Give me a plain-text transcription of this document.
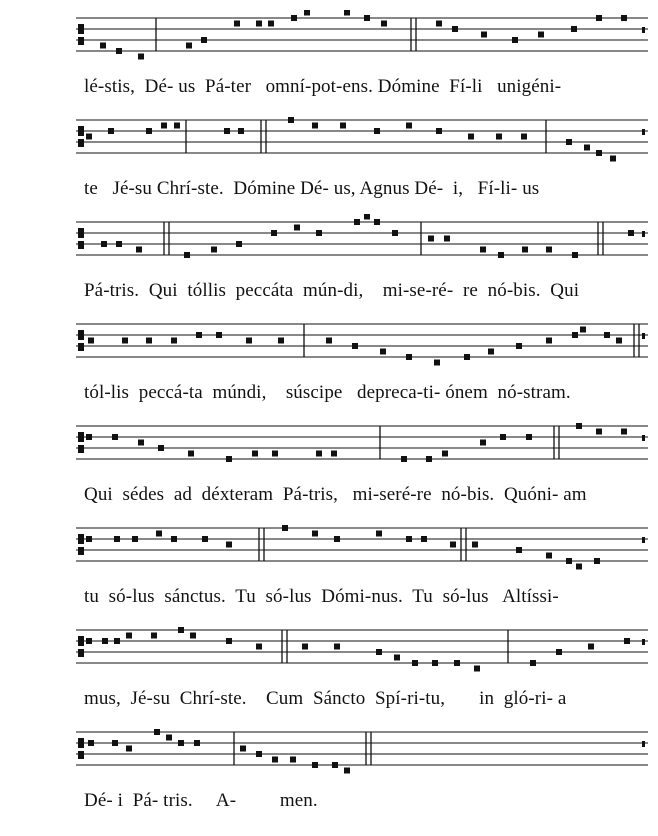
lé-stis,  Dé- us  Pá-ter   omní-pot-ens. Dómine  Fí-li   unigéni-
te   Jé-su Chrí-ste.  Dómine Dé- us, Agnus Dé-  i,   Fí-li- us
Pá-tris.  Qui  tóllis  peccáta  mún-di,    mi-se-ré-  re  nó-bis.  Qui
tól-lis  peccá-ta  múndi,    súscipe   depreca-ti- ónem  nó-stram.
Qui  sédes  ad  déxteram  Pá-tris,   mi-seré-re  nó-bis.  Quóni- am
tu  só-lus  sánctus.  Tu  só-lus  Dómi-nus.  Tu  só-lus   Altíssi-
mus,  Jé-su  Chrí-ste.    Cum  Sáncto  Spí-ri-tu,       in  gló-ri- a
Dé- i  Pá- tris.     A-         men.
